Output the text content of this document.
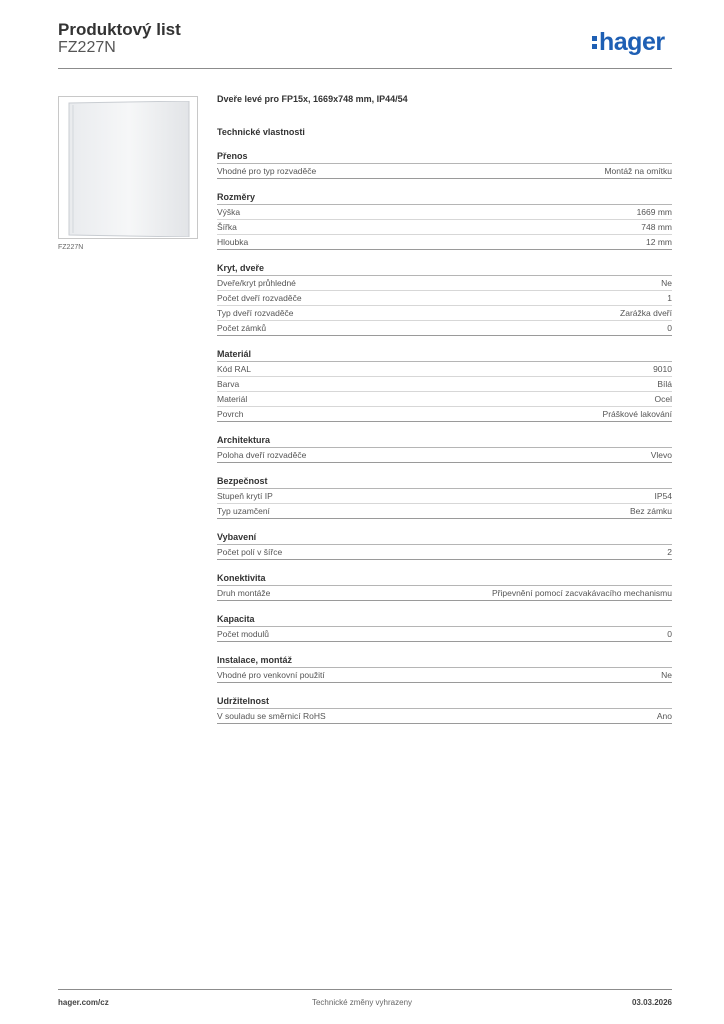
Produktový list
FZ227N	hager
FZ227N
Dveře levé pro FP15x, 1669x748 mm, IP44/54
Technické vlastnosti
Přenos
Vhodné pro typ rozvaděče	Montáž na omítku
Rozměry
Výška	1669 mm
Šířka	748 mm
Hloubka	12 mm
Kryt, dveře
Dveře/kryt průhledné	Ne
Počet dveří rozvaděče	1
Typ dveří rozvaděče	Zarážka dveří
Počet zámků	0
Materiál
Kód RAL	9010
Barva	Bílá
Materiál	Ocel
Povrch	Práškové lakování
Architektura
Poloha dveří rozvaděče	Vlevo
Bezpečnost
Stupeň krytí IP	IP54
Typ uzamčení	Bez zámku
Vybavení
Počet polí v šířce	2
Konektivita
Druh montáže	Připevnění pomocí zacvakávacího mechanismu
Kapacita
Počet modulů	0
Instalace, montáž
Vhodné pro venkovní použití	Ne
Udržitelnost
V souladu se směrnicí RoHS	Ano
hager.com/cz	Technické změny vyhrazeny	03.03.2026
